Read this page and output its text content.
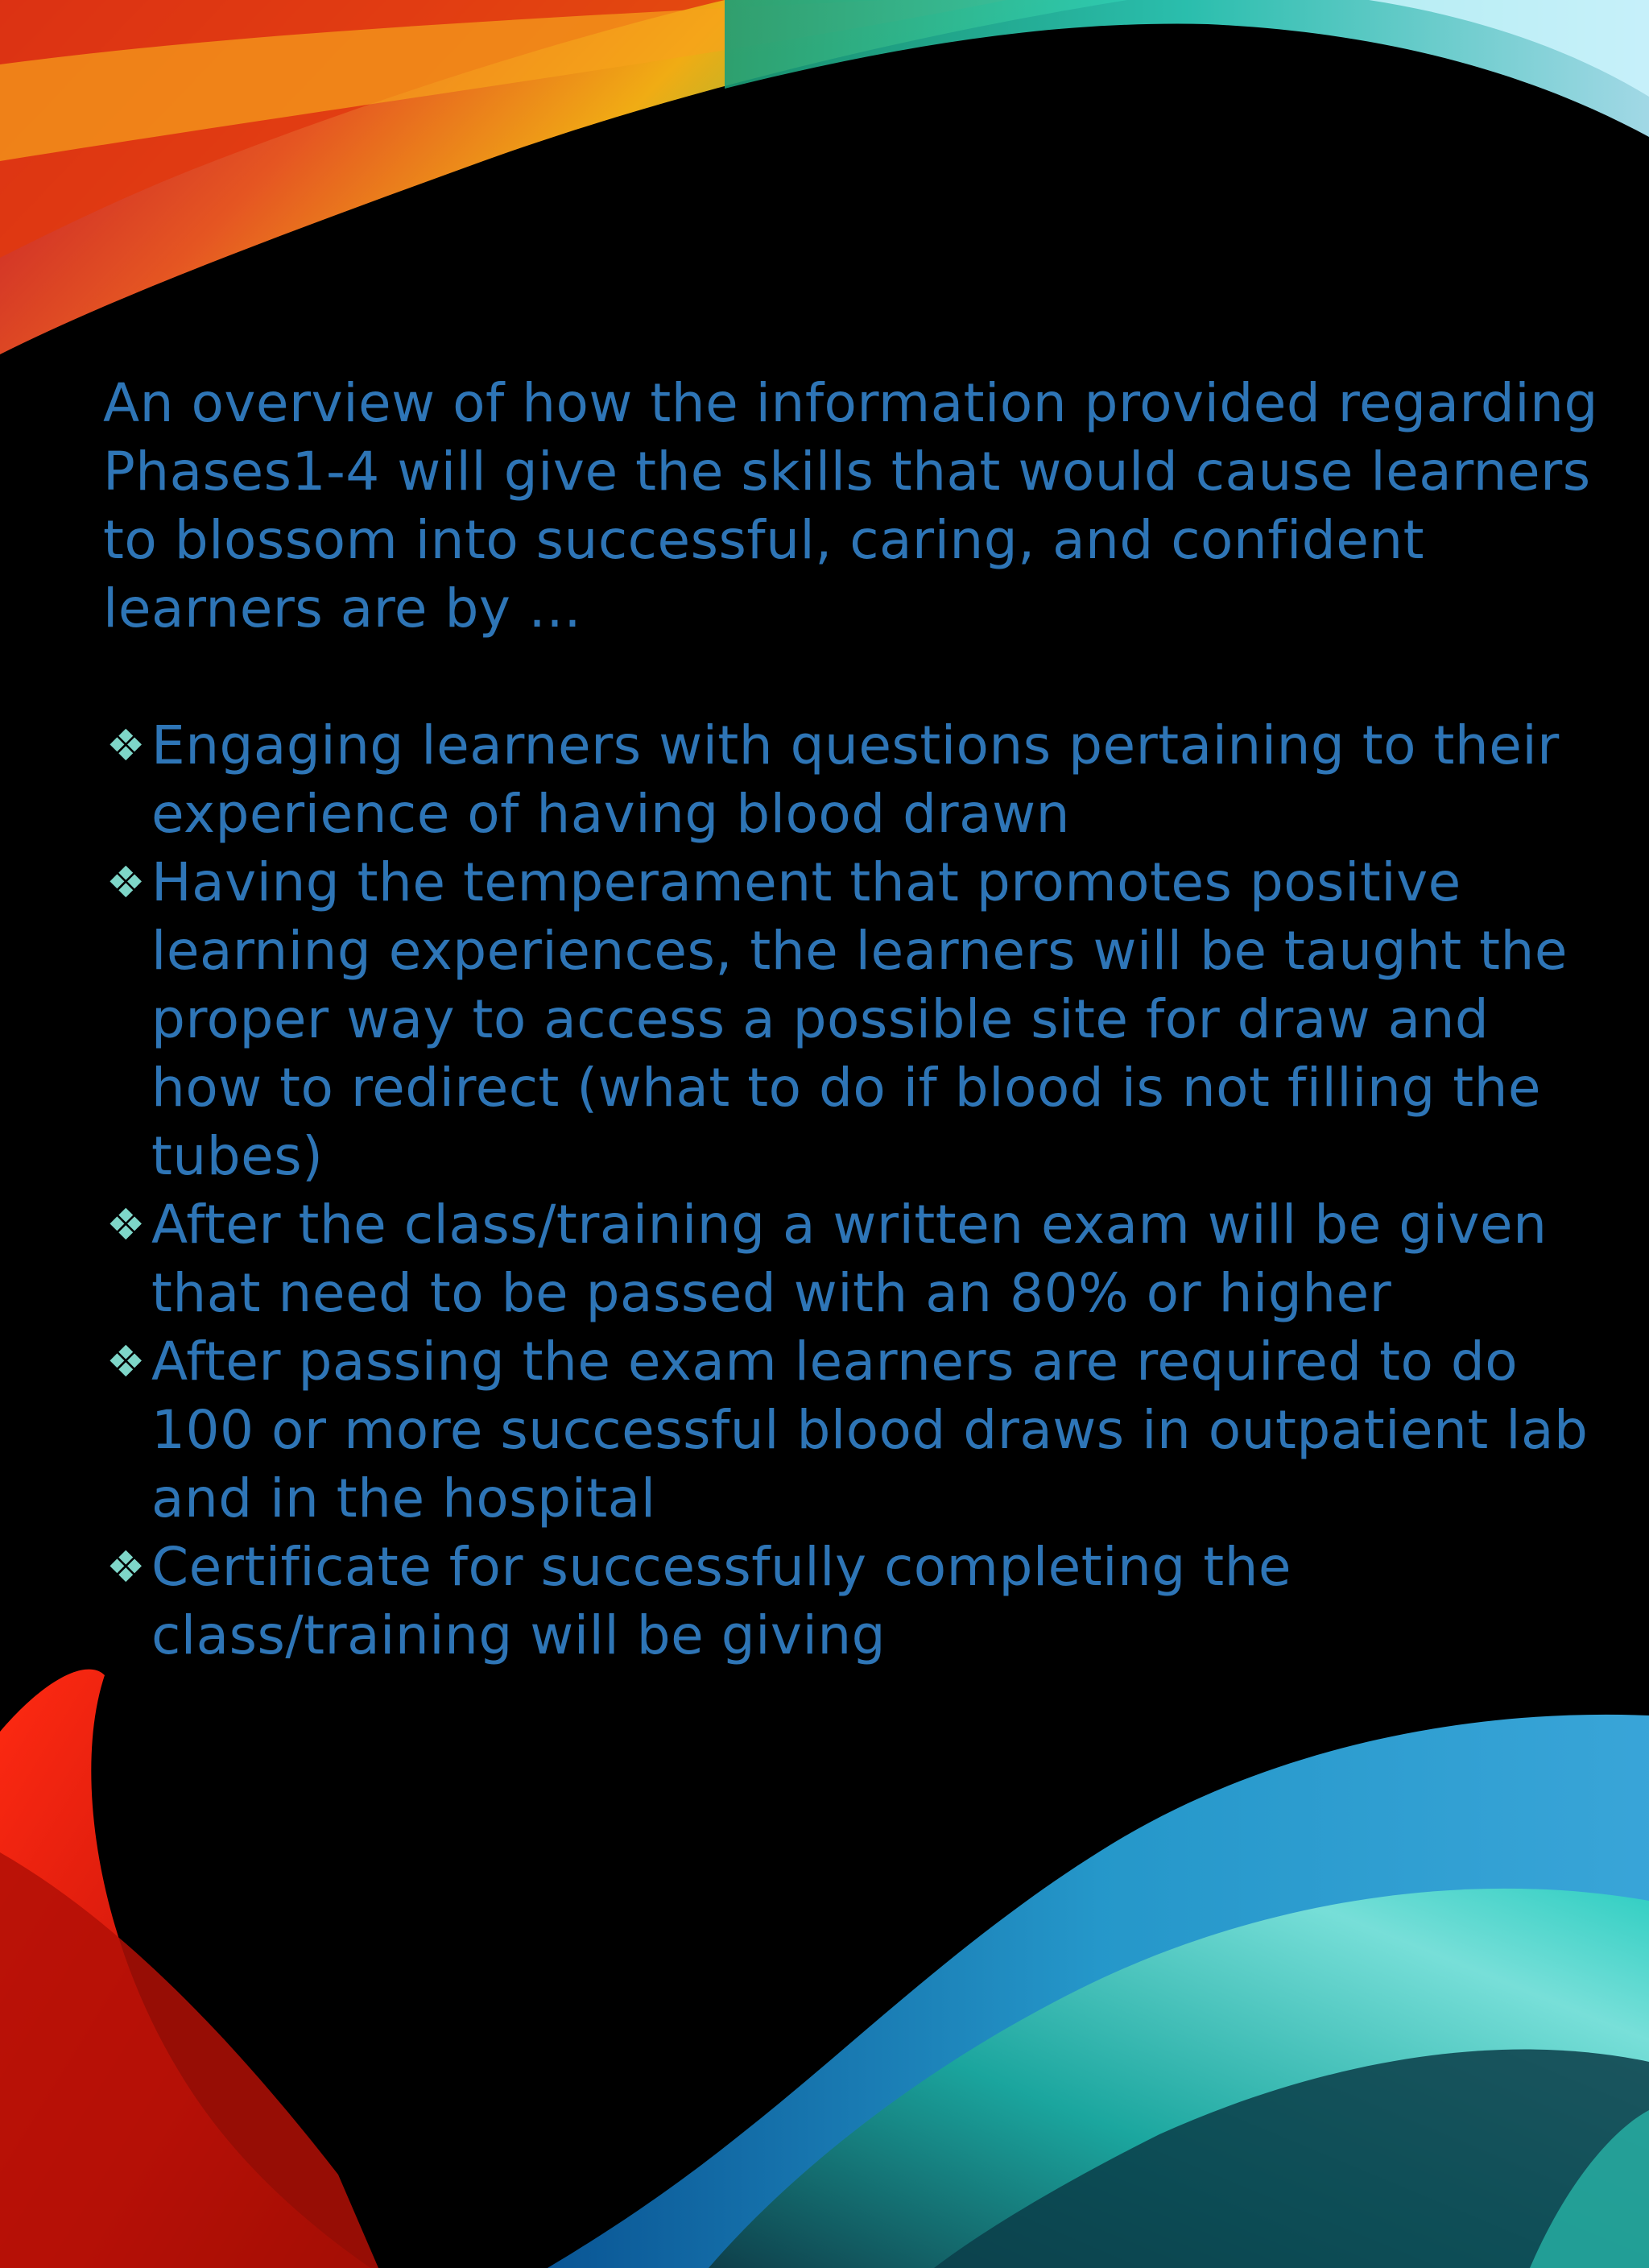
An overview of how the information provided regarding Phases1-4 will give the skills that would cause learners to blossom into successful, caring, and confident learners are by …

❖ Engaging learners with questions pertaining to their experience of having blood drawn
❖ Having the temperament that promotes positive learning experiences, the learners will be taught the proper way to access a possible site for draw and how to redirect (what to do if blood is not filling the tubes)
❖ After the class/training a written exam will be given that need to be passed with an 80% or higher
❖ After passing the exam learners are required to do 100 or more successful blood draws in outpatient lab and in the hospital
❖ Certificate for successfully completing the class/training will be giving
